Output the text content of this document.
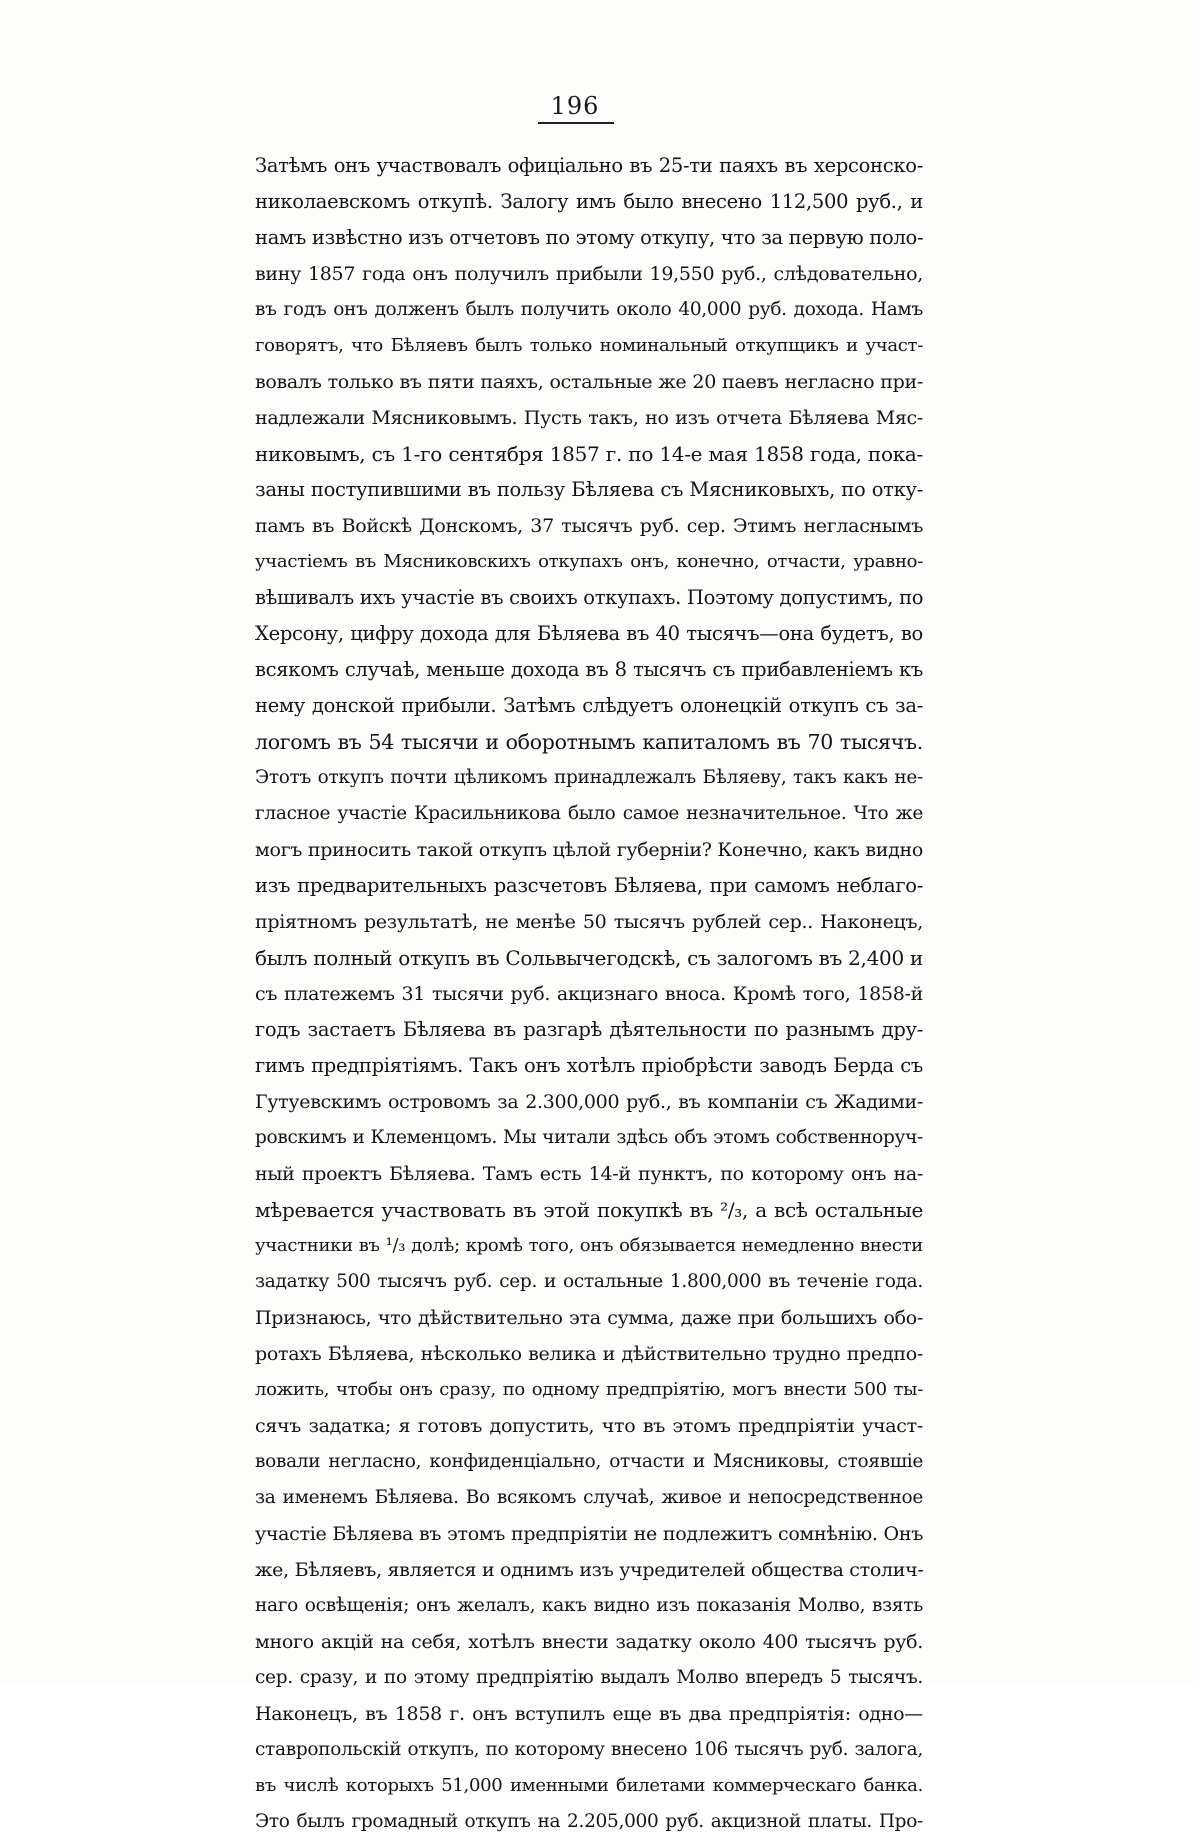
196
Затѣмъ онъ участвовалъ офиціально въ 25-ти паяхъ въ херсонско-
николаевскомъ откупѣ. Залогу имъ было внесено 112,500 руб., и
намъ извѣстно изъ отчетовъ по этому откупу, что за первую поло-
вину 1857 года онъ получилъ прибыли 19,550 руб., слѣдовательно,
въ годъ онъ долженъ былъ получить около 40,000 руб. дохода. Намъ
говорятъ, что Бѣляевъ былъ только номинальный откупщикъ и участ-
вовалъ только въ пяти паяхъ, остальные же 20 паевъ негласно при-
надлежали Мясниковымъ. Пусть такъ, но изъ отчета Бѣляева Мяс-
никовымъ, съ 1-го сентября 1857 г. по 14-е мая 1858 года, пока-
заны поступившими въ пользу Бѣляева съ Мясниковыхъ, по отку-
памъ въ Войскѣ Донскомъ, 37 тысячъ руб. сер. Этимъ негласнымъ
участіемъ въ Мясниковскихъ откупахъ онъ, конечно, отчасти, уравно-
вѣшивалъ ихъ участіе въ своихъ откупахъ. Поэтому допустимъ, по
Херсону, цифру дохода для Бѣляева въ 40 тысячъ—она будетъ, во
всякомъ случаѣ, меньше дохода въ 8 тысячъ съ прибавленіемъ къ
нему донской прибыли. Затѣмъ слѣдуетъ олонецкій откупъ съ за-
логомъ въ 54 тысячи и оборотнымъ капиталомъ въ 70 тысячъ.
Этотъ откупъ почти цѣликомъ принадлежалъ Бѣляеву, такъ какъ не-
гласное участіе Красильникова было самое незначительное. Что же
могъ приносить такой откупъ цѣлой губерніи? Конечно, какъ видно
изъ предварительныхъ разсчетовъ Бѣляева, при самомъ неблаго-
пріятномъ результатѣ, не менѣе 50 тысячъ рублей сер.. Наконецъ,
былъ полный откупъ въ Сольвычегодскѣ, съ залогомъ въ 2,400 и
съ платежемъ 31 тысячи руб. акцизнаго вноса. Кромѣ того, 1858-й
годъ застаетъ Бѣляева въ разгарѣ дѣятельности по разнымъ дру-
гимъ предпріятіямъ. Такъ онъ хотѣлъ пріобрѣсти заводъ Берда съ
Гутуевскимъ островомъ за 2.300,000 руб., въ компаніи съ Жадими-
ровскимъ и Клеменцомъ. Мы читали здѣсь объ этомъ собственноруч-
ный проектъ Бѣляева. Тамъ есть 14-й пунктъ, по которому онъ на-
мѣревается участвовать въ этой покупкѣ въ ²/₃, а всѣ остальные
участники въ ¹/₃ долѣ; кромѣ того, онъ обязывается немедленно внести
задатку 500 тысячъ руб. сер. и остальные 1.800,000 въ теченіе года.
Признаюсь, что дѣйствительно эта сумма, даже при большихъ обо-
ротахъ Бѣляева, нѣсколько велика и дѣйствительно трудно предпо-
ложить, чтобы онъ сразу, по одному предпріятію, могъ внести 500 ты-
сячъ задатка; я готовъ допустить, что въ этомъ предпріятіи участ-
вовали негласно, конфиденціально, отчасти и Мясниковы, стоявшіе
за именемъ Бѣляева. Во всякомъ случаѣ, живое и непосредственное
участіе Бѣляева въ этомъ предпріятіи не подлежитъ сомнѣнію. Онъ
же, Бѣляевъ, является и однимъ изъ учредителей общества столич-
наго освѣщенія; онъ желалъ, какъ видно изъ показанія Молво, взять
много акцій на себя, хотѣлъ внести задатку около 400 тысячъ руб.
сер. сразу, и по этому предпріятію выдалъ Молво впередъ 5 тысячъ.
Наконецъ, въ 1858 г. онъ вступилъ еще въ два предпріятія: одно—
ставропольскій откупъ, по которому внесено 106 тысячъ руб. залога,
въ числѣ которыхъ 51,000 именными билетами коммерческаго банка.
Это былъ громадный откупъ на 2.205,000 руб. акцизной платы. Про-
